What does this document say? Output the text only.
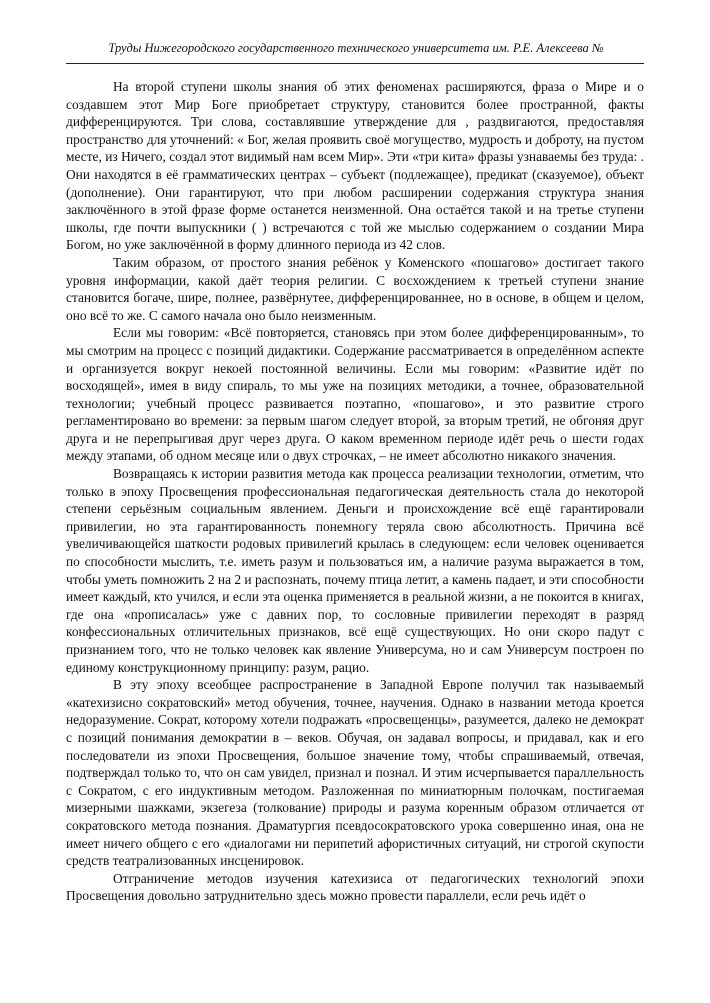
Труды Нижегородского государственного технического университета им. Р.Е. Алексеева №

На второй ступени школы знания об этих феноменах расширяются, фраза о Мире и о создавшем этот Мир Боге приобретает структуру, становится более пространной, факты дифференцируются. Три слова, составлявшие утверждение для , раздвигаются, предоставляя пространство для уточнений: « Бог, желая проявить своё могущество, мудрость и доброту, на пустом месте, из Ничего, создал этот видимый нам всем Мир». Эти «три кита» фразы узнаваемы без труда: . Они находятся в её грамматических центрах – субъект (подлежащее), предикат (сказуемое), объект (дополнение). Они гарантируют, что при любом расширении содержания структура знания заключённого в этой фразе форме останется неизменной. Она остаётся такой и на третье ступени школы, где почти выпускники ( ) встречаются с той же мыслью содержанием о создании Мира Богом, но уже заключённой в форму длинного периода из 42 слов.

Таким образом, от простого знания ребёнок у Коменского «пошагово» достигает такого уровня информации, какой даёт теория религии. С восхождением к третьей ступени знание становится богаче, шире, полнее, развёрнутее, дифференцированнее, но в основе, в общем и целом, оно всё то же. С самого начала оно было неизменным.

Если мы говорим: «Всё повторяется, становясь при этом более дифференцированным», то мы смотрим на процесс с позиций дидактики. Содержание рассматривается в определённом аспекте и организуется вокруг некоей постоянной величины. Если мы говорим: «Развитие идёт по восходящей», имея в виду спираль, то мы уже на позициях методики, а точнее, образовательной технологии; учебный процесс развивается поэтапно, «пошагово», и это развитие строго регламентировано во времени: за первым шагом следует второй, за вторым третий, не обгоняя друг друга и не перепрыгивая друг через друга. О каком временном периоде идёт речь о шести годах между этапами, об одном месяце или о двух строчках, – не имеет абсолютно никакого значения.

Возвращаясь к истории развития метода как процесса реализации технологии, отметим, что только в эпоху Просвещения профессиональная педагогическая деятельность стала до некоторой степени серьёзным социальным явлением. Деньги и происхождение всё ещё гарантировали привилегии, но эта гарантированность понемногу теряла свою абсолютность. Причина всё увеличивающейся шаткости родовых привилегий крылась в следующем: если человек оценивается по способности мыслить, т.е. иметь разум и пользоваться им, а наличие разума выражается в том, чтобы уметь помножить 2 на 2 и распознать, почему птица летит, а камень падает, и эти способности имеет каждый, кто учился, и если эта оценка применяется в реальной жизни, а не покоится в книгах, где она «прописалась» уже с давних пор, то сословные привилегии переходят в разряд конфессиональных отличительных признаков, всё ещё существующих. Но они скоро падут с признанием того, что не только человек как явление Универсума, но и сам Универсум построен по единому конструкционному принципу: разум, рацио.

В эту эпоху всеобщее распространение в Западной Европе получил так называемый «катехизисно сократовский» метод обучения, точнее, научения. Однако в названии метода кроется недоразумение. Сократ, которому хотели подражать «просвещенцы», разумеется, далеко не демократ с позиций понимания демократии в – веков. Обучая, он задавал вопросы, и придавал, как и его последователи из эпохи Просвещения, большое значение тому, чтобы спрашиваемый, отвечая, подтверждал только то, что он сам увидел, признал и познал. И этим исчерпывается параллельность с Сократом, с его индуктивным методом. Разложенная по миниатюрным полочкам, постигаемая мизерными шажками, экзегеза (толкование) природы и разума коренным образом отличается от сократовского метода познания. Драматургия псевдосократовского урока совершенно иная, она не имеет ничего общего с его «диалогами ни перипетий афористичных ситуаций, ни строгой скупости средств театрализованных инсценировок.

Отграничение методов изучения катехизиса от педагогических технологий эпохи Просвещения довольно затруднительно здесь можно провести параллели, если речь идёт о
